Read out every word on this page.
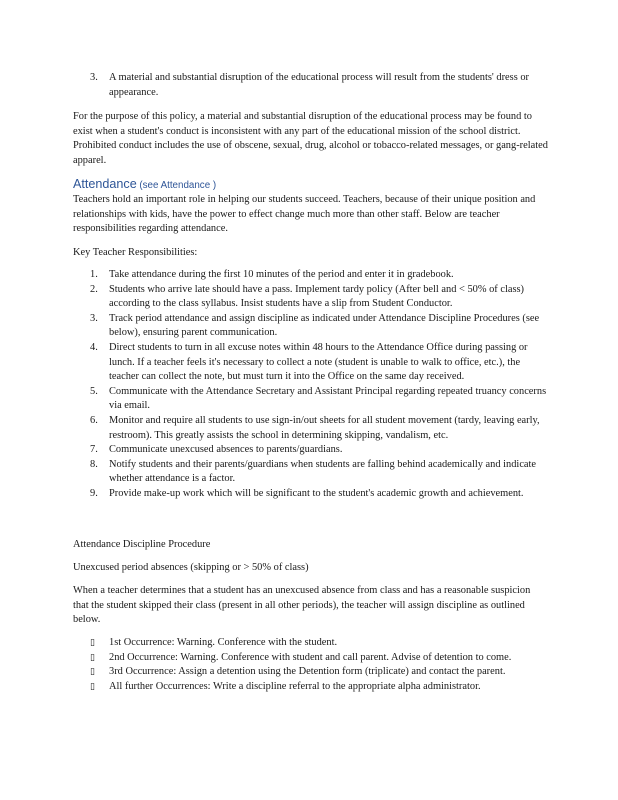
3. A material and substantial disruption of the educational process will result from the students' dress or appearance.

For the purpose of this policy, a material and substantial disruption of the educational process may be found to exist when a student's conduct is inconsistent with any part of the educational mission of the school district. Prohibited conduct includes the use of obscene, sexual, drug, alcohol or tobacco-related messages, or gang-related apparel.

Attendance (see Attendance )

Teachers hold an important role in helping our students succeed. Teachers, because of their unique position and relationships with kids, have the power to effect change much more than other staff. Below are teacher responsibilities regarding attendance.

Key Teacher Responsibilities:

1. Take attendance during the first 10 minutes of the period and enter it in gradebook.
2. Students who arrive late should have a pass. Implement tardy policy (After bell and < 50% of class) according to the class syllabus. Insist students have a slip from Student Conductor.
3. Track period attendance and assign discipline as indicated under Attendance Discipline Procedures (see below), ensuring parent communication.
4. Direct students to turn in all excuse notes within 48 hours to the Attendance Office during passing or lunch. If a teacher feels it's necessary to collect a note (student is unable to walk to office, etc.), the teacher can collect the note, but must turn it into the Office on the same day received.
5. Communicate with the Attendance Secretary and Assistant Principal regarding repeated truancy concerns via email.
6. Monitor and require all students to use sign-in/out sheets for all student movement (tardy, leaving early, restroom). This greatly assists the school in determining skipping, vandalism, etc.
7. Communicate unexcused absences to parents/guardians.
8. Notify students and their parents/guardians when students are falling behind academically and indicate whether attendance is a factor.
9. Provide make-up work which will be significant to the student's academic growth and achievement.

Attendance Discipline Procedure

Unexcused period absences (skipping or > 50% of class)

When a teacher determines that a student has an unexcused absence from class and has a reasonable suspicion that the student skipped their class (present in all other periods), the teacher will assign discipline as outlined below.

▯ 1st Occurrence: Warning. Conference with the student.
▯ 2nd Occurrence: Warning. Conference with student and call parent. Advise of detention to come.
▯ 3rd Occurrence: Assign a detention using the Detention form (triplicate) and contact the parent.
▯ All further Occurrences: Write a discipline referral to the appropriate alpha administrator.
